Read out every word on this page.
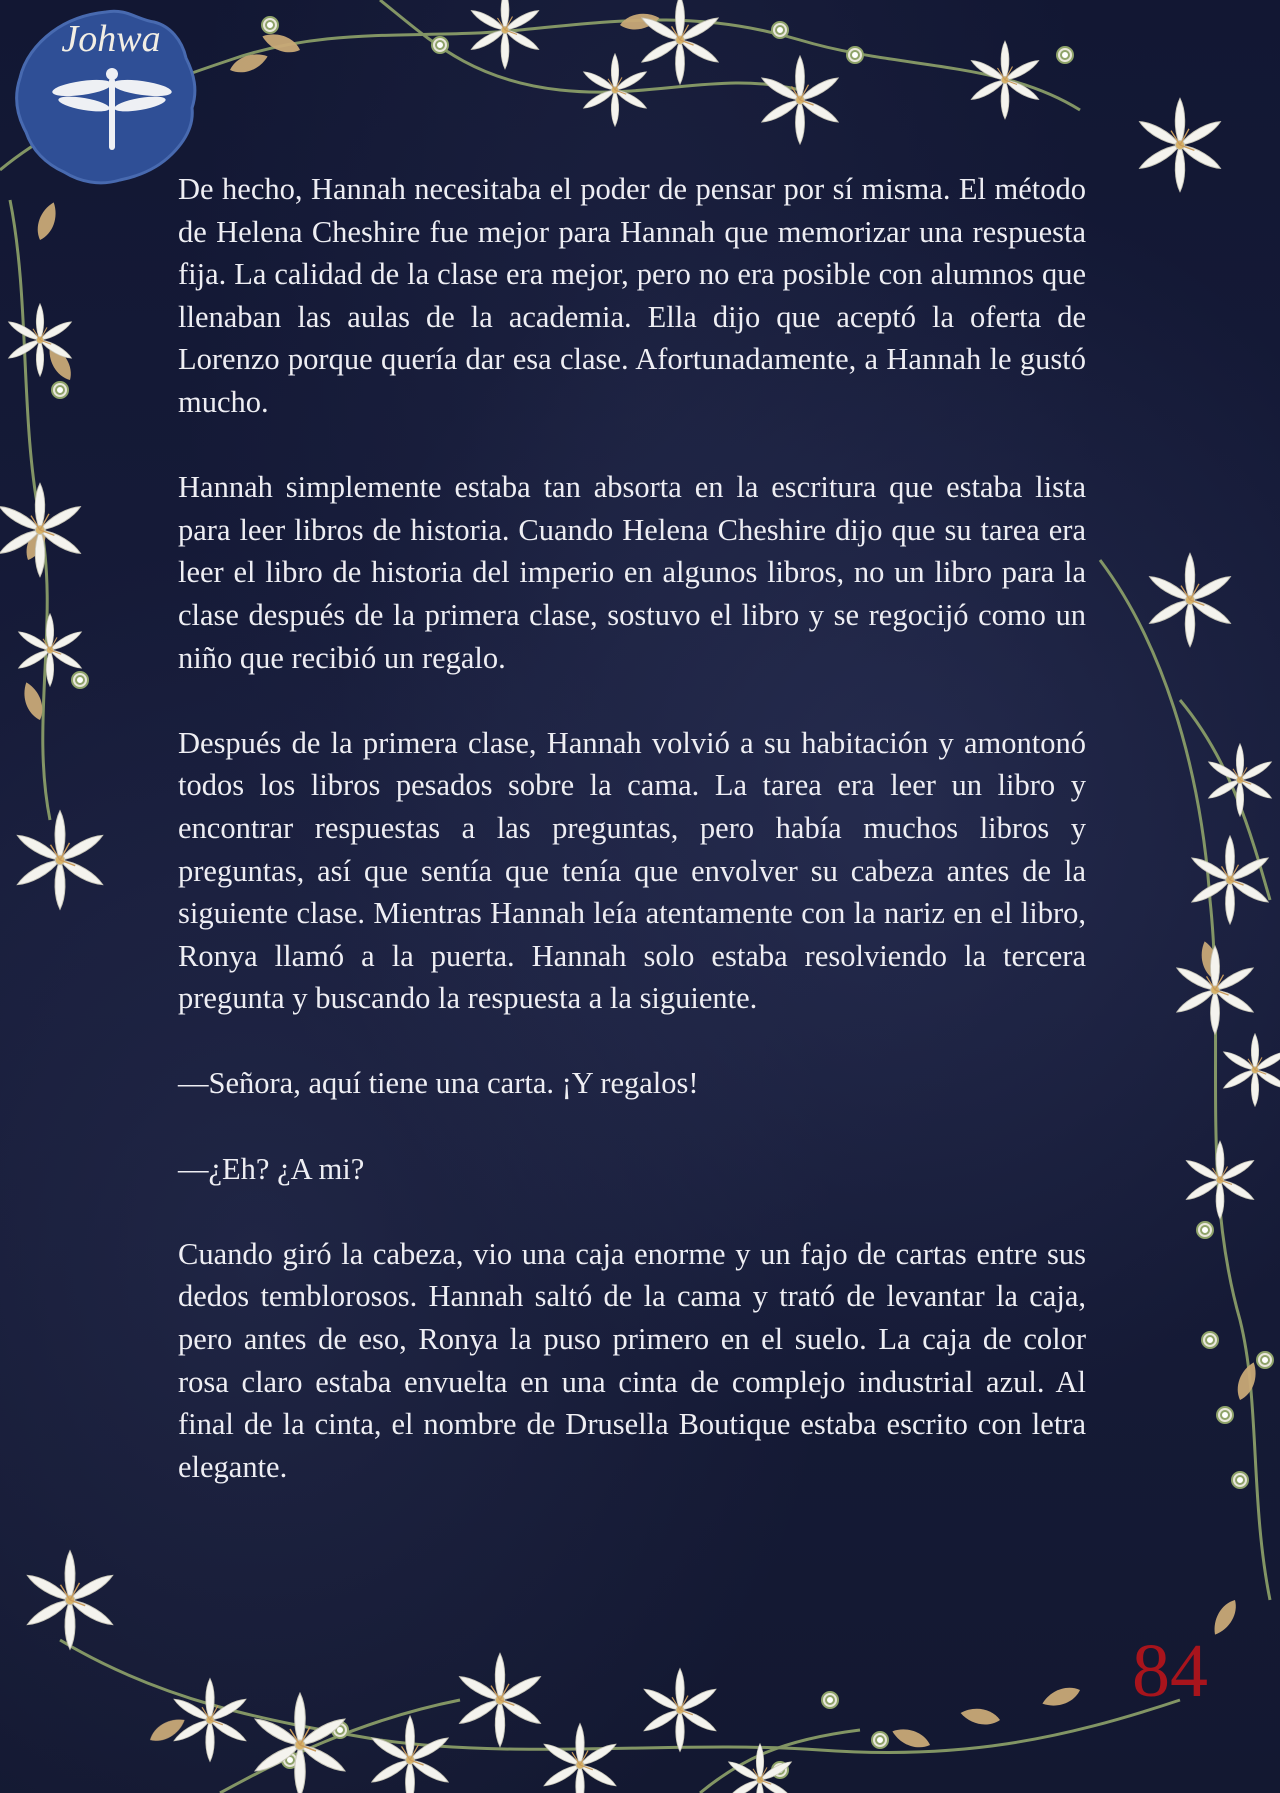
Johwa

De hecho, Hannah necesitaba el poder de pensar por sí misma. El método de Helena Cheshire fue mejor para Hannah que memorizar una respuesta fija. La calidad de la clase era mejor, pero no era posible con alumnos que llenaban las aulas de la academia. Ella dijo que aceptó la oferta de Lorenzo porque quería dar esa clase. Afortunadamente, a Hannah le gustó mucho.

Hannah simplemente estaba tan absorta en la escritura que estaba lista para leer libros de historia. Cuando Helena Cheshire dijo que su tarea era leer el libro de historia del imperio en algunos libros, no un libro para la clase después de la primera clase, sostuvo el libro y se regocijó como un niño que recibió un regalo.

Después de la primera clase, Hannah volvió a su habitación y amontonó todos los libros pesados sobre la cama. La tarea era leer un libro y encontrar respuestas a las preguntas, pero había muchos libros y preguntas, así que sentía que tenía que envolver su cabeza antes de la siguiente clase. Mientras Hannah leía atentamente con la nariz en el libro, Ronya llamó a la puerta. Hannah solo estaba resolviendo la tercera pregunta y buscando la respuesta a la siguiente.

—Señora, aquí tiene una carta. ¡Y regalos!

—¿Eh? ¿A mi?

Cuando giró la cabeza, vio una caja enorme y un fajo de cartas entre sus dedos temblorosos. Hannah saltó de la cama y trató de levantar la caja, pero antes de eso, Ronya la puso primero en el suelo. La caja de color rosa claro estaba envuelta en una cinta de complejo industrial azul. Al final de la cinta, el nombre de Drusella Boutique estaba escrito con letra elegante.

84
